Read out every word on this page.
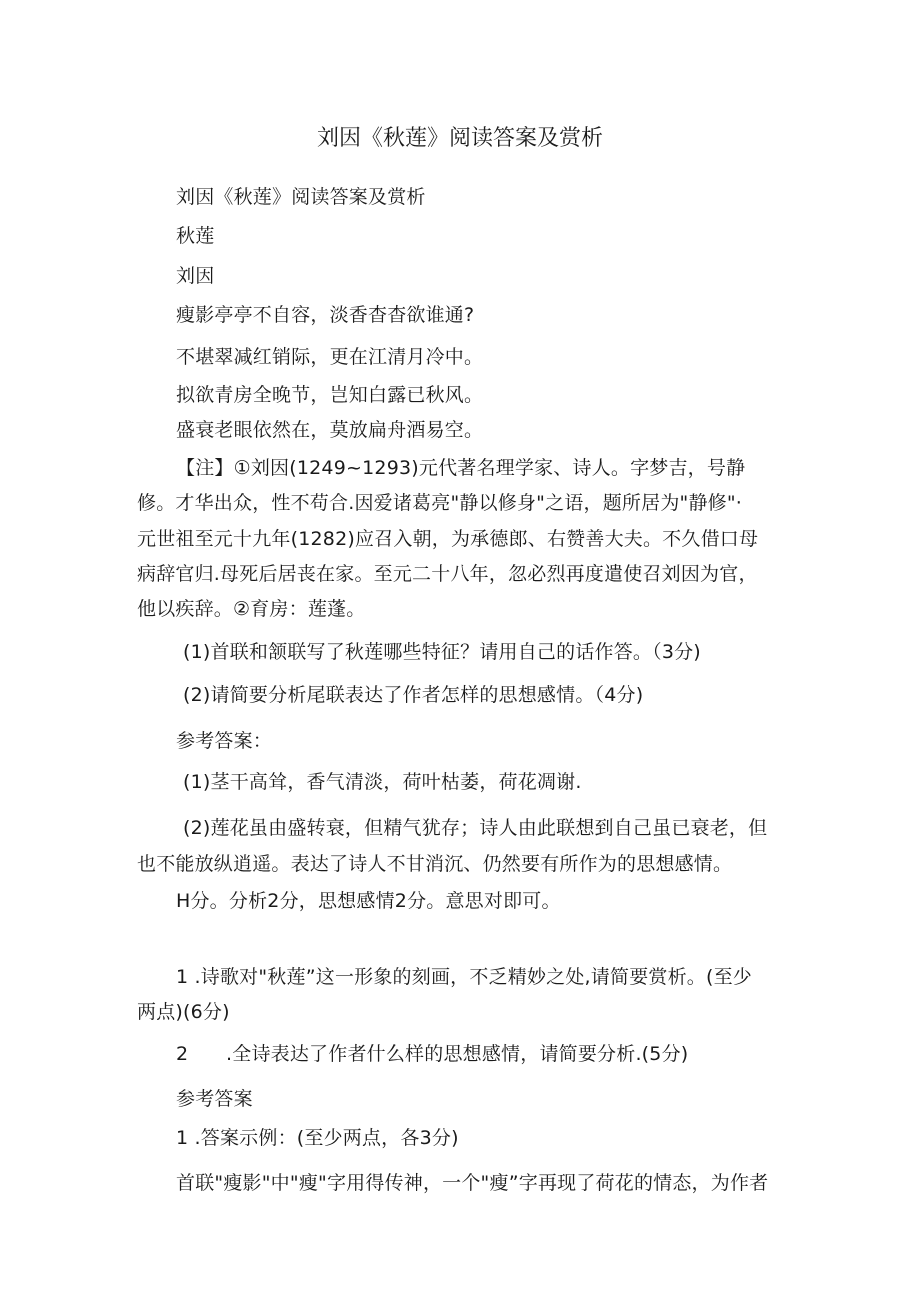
刘因《秋莲》阅读答案及赏析
刘因《秋莲》阅读答案及赏析
秋莲
刘因
瘦影亭亭不自容，淡香杳杳欲谁通?
不堪翠减红销际，更在江清月冷中。
拟欲青房全晚节，岂知白露已秋风。
盛衰老眼依然在，莫放扁舟酒易空。
【注】①刘因(1249~1293)元代著名理学家、诗人。字梦吉，号静
修。才华出众，性不苟合.因爱诸葛亮"静以修身"之语，题所居为"静修"·
元世祖至元十九年(1282)应召入朝，为承德郎、右赞善大夫。不久借口母
病辞官归.母死后居丧在家。至元二十八年，忽必烈再度遣使召刘因为官，
他以疾辞。②育房：莲蓬。
(1)首联和颔联写了秋莲哪些特征？请用自己的话作答。（3分)
(2)请简要分析尾联表达了作者怎样的思想感情。（4分)
参考答案：
(1)茎干高耸，香气清淡，荷叶枯萎，荷花凋谢.
(2)莲花虽由盛转衰，但精气犹存；诗人由此联想到自己虽已衰老，但
也不能放纵逍遥。表达了诗人不甘消沉、仍然要有所作为的思想感情。
H分。分析2分，思想感情2分。意思对即可。
1 .诗歌对"秋莲”这一形象的刻画，不乏精妙之处,请简要赏析。(至少
两点)(6分)
2 .全诗表达了作者什么样的思想感情，请简要分析.(5分)
参考答案
1 .答案示例：(至少两点，各3分)
首联"瘦影"中"瘦"字用得传神，一个"瘦”字再现了荷花的情态，为作者
